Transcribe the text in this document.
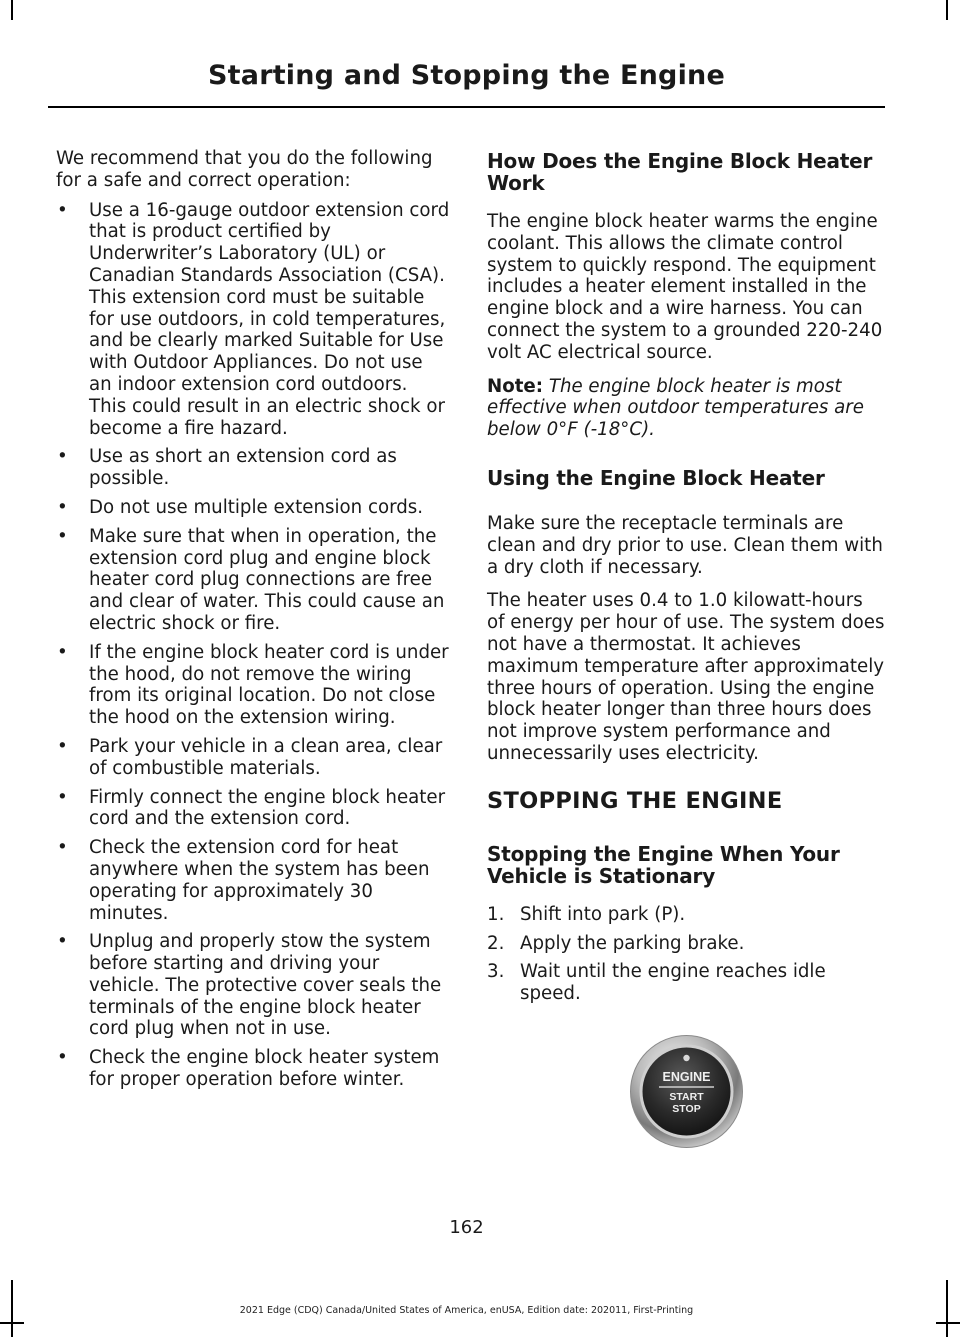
Starting and Stopping the Engine

We recommend that you do the following for a safe and correct operation:

• Use a 16-gauge outdoor extension cord that is product certified by Underwriter’s Laboratory (UL) or Canadian Standards Association (CSA). This extension cord must be suitable for use outdoors, in cold temperatures, and be clearly marked Suitable for Use with Outdoor Appliances. Do not use an indoor extension cord outdoors. This could result in an electric shock or become a fire hazard.
• Use as short an extension cord as possible.
• Do not use multiple extension cords.
• Make sure that when in operation, the extension cord plug and engine block heater cord plug connections are free and clear of water. This could cause an electric shock or fire.
• If the engine block heater cord is under the hood, do not remove the wiring from its original location. Do not close the hood on the extension wiring.
• Park your vehicle in a clean area, clear of combustible materials.
• Firmly connect the engine block heater cord and the extension cord.
• Check the extension cord for heat anywhere when the system has been operating for approximately 30 minutes.
• Unplug and properly stow the system before starting and driving your vehicle. The protective cover seals the terminals of the engine block heater cord plug when not in use.
• Check the engine block heater system for proper operation before winter.
How Does the Engine Block Heater Work

The engine block heater warms the engine coolant. This allows the climate control system to quickly respond. The equipment includes a heater element installed in the engine block and a wire harness. You can connect the system to a grounded 220-240 volt AC electrical source.

Note: The engine block heater is most effective when outdoor temperatures are below 0°F (-18°C).

Using the Engine Block Heater

Make sure the receptacle terminals are clean and dry prior to use. Clean them with a dry cloth if necessary.

The heater uses 0.4 to 1.0 kilowatt-hours of energy per hour of use. The system does not have a thermostat. It achieves maximum temperature after approximately three hours of operation. Using the engine block heater longer than three hours does not improve system performance and unnecessarily uses electricity.

STOPPING THE ENGINE
Stopping the Engine When Your Vehicle is Stationary
1. Shift into park (P).
2. Apply the parking brake.
3. Wait until the engine reaches idle speed.
ENGINE
START
STOP
162
2021 Edge (CDQ) Canada/United States of America, enUSA, Edition date: 202011, First-Printing
